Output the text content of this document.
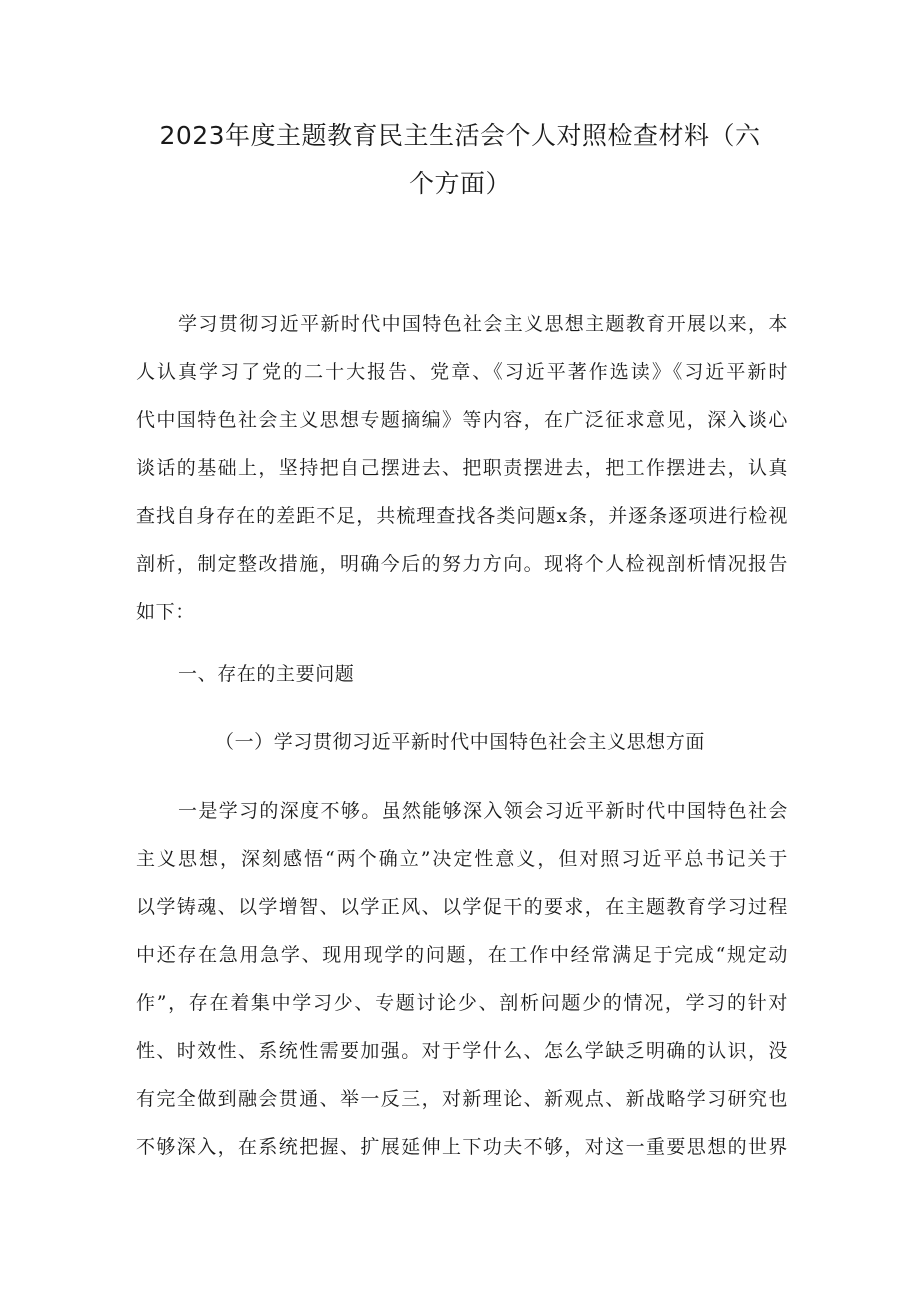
2023年度主题教育民主生活会个人对照检查材料（六
个方面）
学习贯彻习近平新时代中国特色社会主义思想主题教育开展以来，本
人认真学习了党的二十大报告、党章、《习近平著作选读》《习近平新时
代中国特色社会主义思想专题摘编》等内容，在广泛征求意见，深入谈心
谈话的基础上，坚持把自己摆进去、把职责摆进去，把工作摆进去，认真
查找自身存在的差距不足，共梳理查找各类问题x条，并逐条逐项进行检视
剖析，制定整改措施，明确今后的努力方向。现将个人检视剖析情况报告
如下：
一、存在的主要问题
（一）学习贯彻习近平新时代中国特色社会主义思想方面
一是学习的深度不够。虽然能够深入领会习近平新时代中国特色社会
主义思想，深刻感悟“两个确立”决定性意义，但对照习近平总书记关于
以学铸魂、以学增智、以学正风、以学促干的要求，在主题教育学习过程
中还存在急用急学、现用现学的问题，在工作中经常满足于完成“规定动
作”，存在着集中学习少、专题讨论少、剖析问题少的情况，学习的针对
性、时效性、系统性需要加强。对于学什么、怎么学缺乏明确的认识，没
有完全做到融会贯通、举一反三，对新理论、新观点、新战略学习研究也
不够深入，在系统把握、扩展延伸上下功夫不够，对这一重要思想的世界
